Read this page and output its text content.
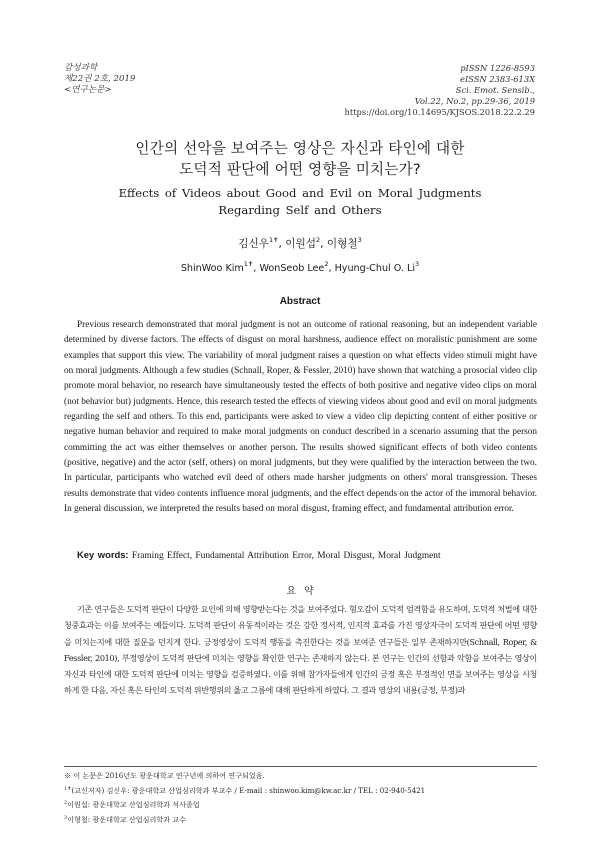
감성과학
제22권 2호, 2019
<연구논문>
pISSN 1226-8593
eISSN 2383-613X
Sci. Emot. Sensib.,
Vol.22, No.2, pp.29-36, 2019
https://doi.org/10.14695/KJSOS.2018.22.2.29
인간의 선악을 보여주는 영상은 자신과 타인에 대한
도덕적 판단에 어떤 영향을 미치는가?
Effects of Videos about Good and Evil on Moral Judgments
Regarding Self and Others
김신우$^{1✝}$, 이원섭$^2$, 이형철$^3$
ShinWoo Kim$^{1✝}$, WonSeob Lee$^2$, Hyung-Chul O. Li$^3$
Abstract

Previous research demonstrated that moral judgment is not an outcome of rational reasoning, but an independent variable determined by diverse factors. The effects of disgust on moral harshness, audience effect on moralistic punishment are some examples that support this view. The variability of moral judgment raises a question on what effects video stimuli might have on moral judgments. Although a few studies (Schnall, Roper, & Fessler, 2010) have shown that watching a prosocial video clip promote moral behavior, no research have simultaneously tested the effects of both positive and negative video clips on moral (not behavior but) judgments. Hence, this research tested the effects of viewing videos about good and evil on moral judgments regarding the self and others. To this end, participants were asked to view a video clip depicting content of either positive or negative human behavior and required to make moral judgments on conduct described in a scenario assuming that the person committing the act was either themselves or another person. The results showed significant effects of both video contents (positive, negative) and the actor (self, others) on moral judgments, but they were qualified by the interaction between the two. In particular, participants who watched evil deed of others made harsher judgments on others' moral transgression. Theses results demonstrate that video contents influence moral judgments, and the effect depends on the actor of the immoral behavior. In general discussion, we interpreted the results based on moral disgust, framing effect, and fundamental attribution error.

Key words: Framing Effect, Fundamental Attribution Error, Moral Disgust, Moral Judgment
요약

기존 연구들은 도덕적 판단이 다양한 요인에 의해 영향받는다는 것을 보여주었다. 혐오감이 도덕적 엄격함을 유도하며, 도덕적 처벌에 대한 청중효과는 이를 보여주는 예들이다. 도덕적 판단이 유동적이라는 것은 강한 정서적, 인지적 효과를 가진 영상자극이 도덕적 판단에 어떤 영향을 미치는지에 대한 질문을 던지게 한다. 긍정영상이 도덕적 행동을 촉진한다는 것을 보여준 연구들은 일부 존재하지만(Schnall, Roper, & Fessler, 2010), 부정영상이 도덕적 판단에 미치는 영향을 확인한 연구는 존재하지 않는다. 본 연구는 인간의 선함과 악함을 보여주는 영상이 자신과 타인에 대한 도덕적 판단에 미치는 영향을 검증하였다. 이를 위해 참가자들에게 인간의 긍정 혹은 부정적인 면을 보여주는 영상을 시청하게 한 다음, 자신 혹은 타인의 도덕적 위반행위의 옳고 그름에 대해 판단하게 하였다. 그 결과 영상의 내용(긍정, 부정)과

※ 이 논문은 2016년도 광운대학교 연구년에 의하여 연구되었음.
$^{1✝}$(교신저자) 김신우: 광운대학교 산업심리학과 부교수 / E-mail : shinwoo.kim@kw.ac.kr / TEL : 02-940-5421
$^2$이원섭: 광운대학교 산업심리학과 석사졸업
$^3$이형철: 광운대학교 산업심리학과 교수
